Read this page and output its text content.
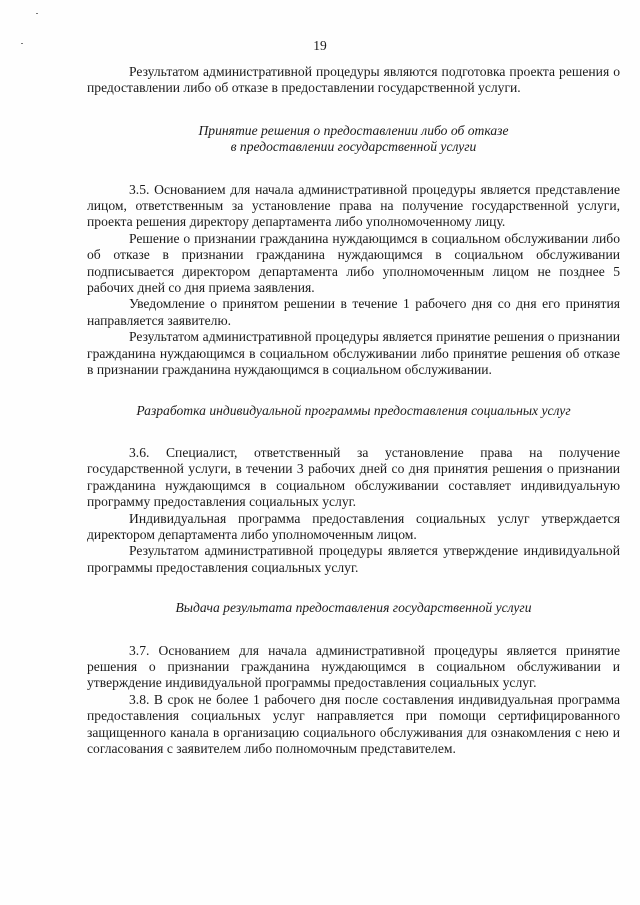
19

Результатом административной процедуры являются подготовка проекта решения о предоставлении либо об отказе в предоставлении государственной услуги.

Принятие решения о предоставлении либо об отказе

в предоставлении государственной услуги

3.5. Основанием для начала административной процедуры является представление лицом, ответственным за установление права на получение государственной услуги, проекта решения директору департамента либо уполномоченному лицу.

Решение о признании гражданина нуждающимся в социальном обслуживании либо об отказе в признании гражданина нуждающимся в социальном обслуживании подписывается директором департамента либо уполномоченным лицом не позднее 5 рабочих дней со дня приема заявления.

Уведомление о принятом решении в течение 1 рабочего дня со дня его принятия направляется заявителю.

Результатом административной процедуры является принятие решения о признании гражданина нуждающимся в социальном обслуживании либо принятие решения об отказе в признании гражданина нуждающимся в социальном обслуживании.

Разработка индивидуальной программы предоставления социальных услуг

3.6. Специалист, ответственный за установление права на получение государственной услуги, в течении 3 рабочих дней со дня принятия решения о признании гражданина нуждающимся в социальном обслуживании составляет индивидуальную программу предоставления социальных услуг.

Индивидуальная программа предоставления социальных услуг утверждается директором департамента либо уполномоченным лицом.

Результатом административной процедуры является утверждение индивидуальной программы предоставления социальных услуг.

Выдача результата предоставления государственной услуги

3.7. Основанием для начала административной процедуры является принятие решения о признании гражданина нуждающимся в социальном обслуживании и утверждение индивидуальной программы предоставления социальных услуг.

3.8. В срок не более 1 рабочего дня после составления индивидуальная программа предоставления социальных услуг направляется при помощи сертифицированного защищенного канала в организацию социального обслуживания для ознакомления с нею и согласования с заявителем либо полномочным представителем.
